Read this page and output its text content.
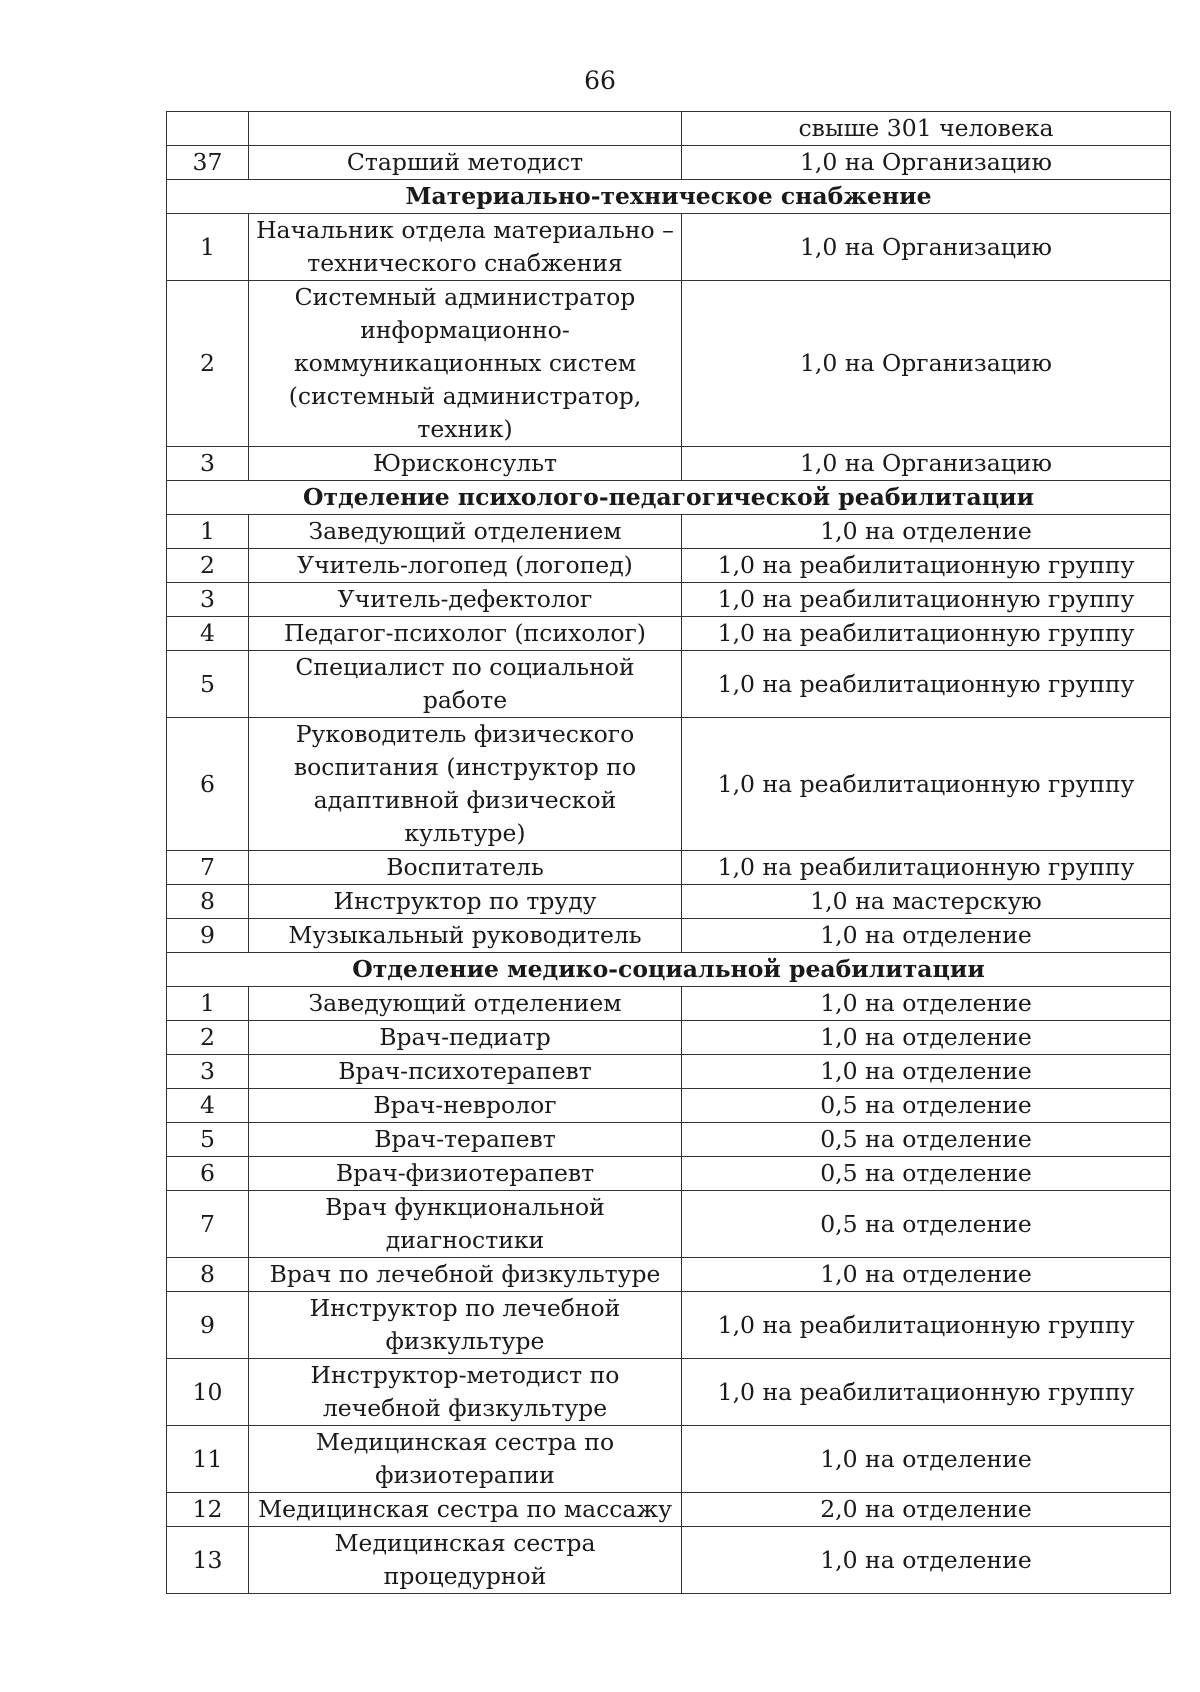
66
		свыше 301 человека
37	Старший методист	1,0 на Организацию
Материально-техническое снабжение		
1	Начальник отдела материально – технического снабжения	1,0 на Организацию
2	Системный администратор информационно-коммуникационных систем (системный администратор, техник)	1,0 на Организацию
3	Юрисконсульт	1,0 на Организацию
Отделение психолого-педагогической реабилитации		
1	Заведующий отделением	1,0 на отделение
2	Учитель-логопед (логопед)	1,0 на реабилитационную группу
3	Учитель-дефектолог	1,0 на реабилитационную группу
4	Педагог-психолог (психолог)	1,0 на реабилитационную группу
5	Специалист по социальной работе	1,0 на реабилитационную группу
6	Руководитель физического воспитания (инструктор по адаптивной физической культуре)	1,0 на реабилитационную группу
7	Воспитатель	1,0 на реабилитационную группу
8	Инструктор по труду	1,0 на мастерскую
9	Музыкальный руководитель	1,0 на отделение
Отделение медико-социальной реабилитации		
1	Заведующий отделением	1,0 на отделение
2	Врач-педиатр	1,0 на отделение
3	Врач-психотерапевт	1,0 на отделение
4	Врач-невролог	0,5 на отделение
5	Врач-терапевт	0,5 на отделение
6	Врач-физиотерапевт	0,5 на отделение
7	Врач функциональной диагностики	0,5 на отделение
8	Врач по лечебной физкультуре	1,0 на отделение
9	Инструктор по лечебной физкультуре	1,0 на реабилитационную группу
10	Инструктор-методист по лечебной физкультуре	1,0 на реабилитационную группу
11	Медицинская сестра по физиотерапии	1,0 на отделение
12	Медицинская сестра по массажу	2,0 на отделение
13	Медицинская сестра процедурной	1,0 на отделение
